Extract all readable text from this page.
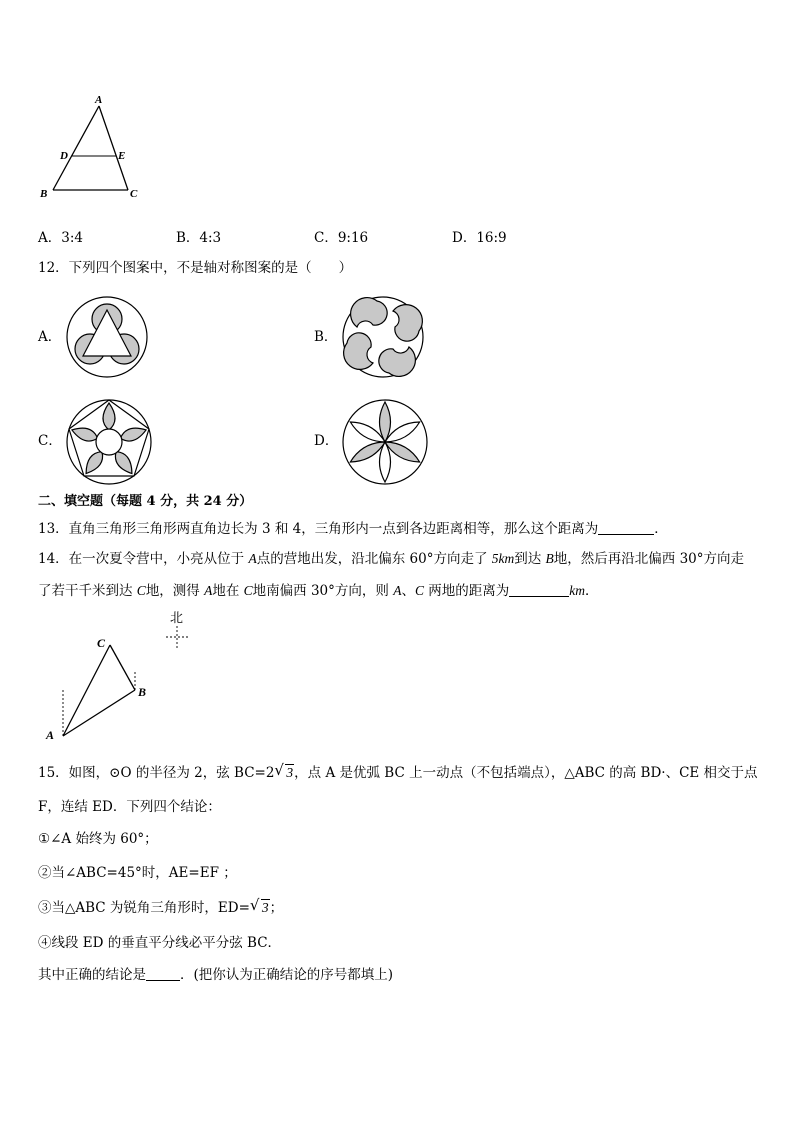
A
D	E
B	C
A．3:4	B．4:3	C．9:16	D．16:9
12．下列四个图案中，不是轴对称图案的是（　　）
A．	B．
C．	D．
二、填空题（每题 4 分，共 24 分）
13．直角三角形三角形两直角边长为 3 和 4，三角形内一点到各边距离相等，那么这个距离为	．
14．在一次夏令营中，小亮从位于 A点的营地出发，沿北偏东 60°方向走了 5km到达 B地，然后再沿北偏西 30°方向走
了若干千米到达 C地，测得 A地在 C地南偏西 30°方向，则 A、C 两地的距离为	km．
北
C
B
A
15．如图，⊙O 的半径为 2，弦 BC=2 √ 3，点 A 是优弧 BC 上一动点（不包括端点），△ABC 的高 BD·、CE 相交于点
F，连结 ED．下列四个结论：
①∠A 始终为 60°；
②当∠ABC=45°时，AE=EF ；
③当△ABC 为锐角三角形时，ED= √ 3；
④线段 ED 的垂直平分线必平分弦 BC．
其中正确的结论是	．(把你认为正确结论的序号都填上)
